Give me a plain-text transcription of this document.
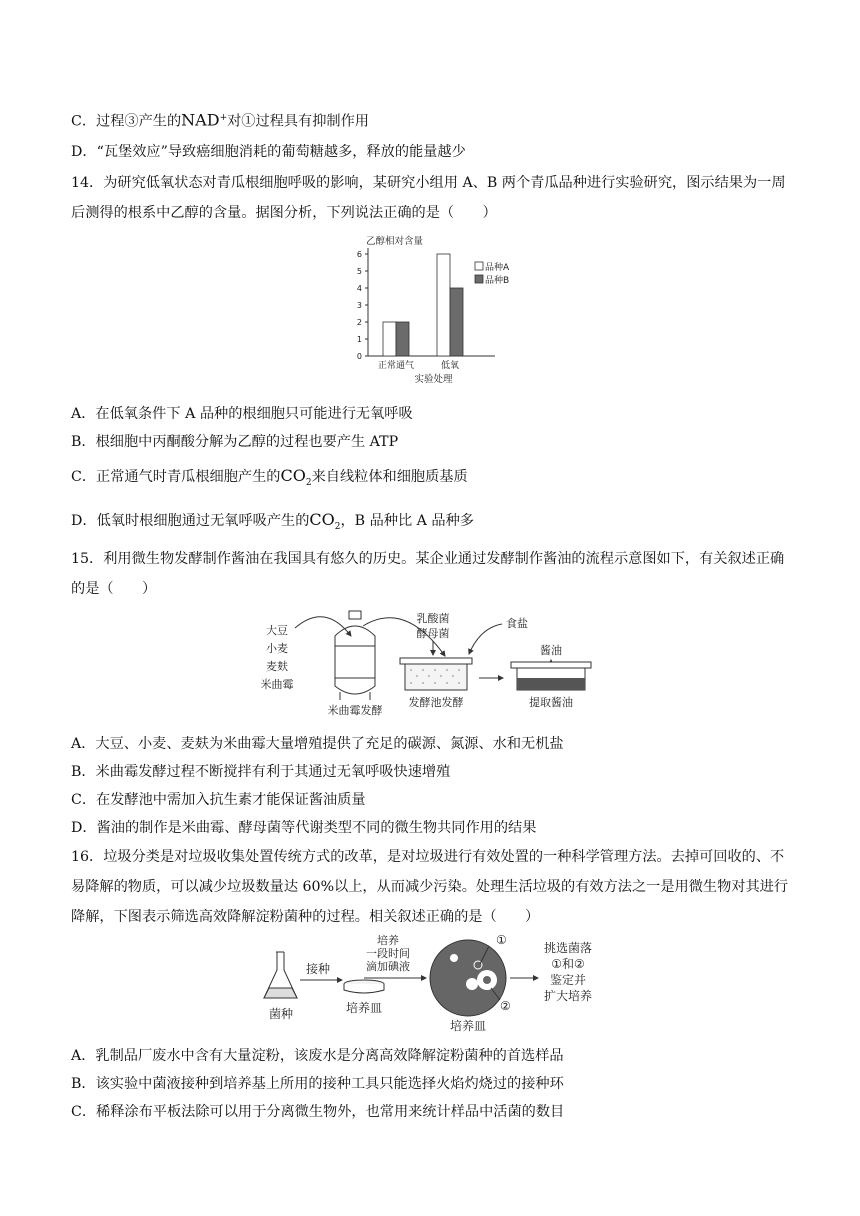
C．过程③产生的NAD+对①过程具有抑制作用
D．“瓦堡效应”导致癌细胞消耗的葡萄糖越多，释放的能量越少
14．为研究低氧状态对青瓜根细胞呼吸的影响，某研究小组用 A、B 两个青瓜品种进行实验研究，图示结果为一周后测得的根系中乙醇的含量。据图分析，下列说法正确的是（　　）
0
1
2
3
4
5
6
乙醇相对含量
正常通气	低氧
实验处理
品种A
品种B
A．在低氧条件下 A 品种的根细胞只可能进行无氧呼吸
B．根细胞中丙酮酸分解为乙醇的过程也要产生 ATP
C．正常通气时青瓜根细胞产生的$CO_2$来自线粒体和细胞质基质
D．低氧时根细胞通过无氧呼吸产生的$CO_2$，B 品种比 A 品种多
15．利用微生物发酵制作酱油在我国具有悠久的历史。某企业通过发酵制作酱油的流程示意图如下，有关叙述正确的是（　　）
大豆
小麦
麦麸
米曲霉
米曲霉发酵
乳酸菌
酵母菌
食盐
发酵池发酵
酱油
提取酱油
A．大豆、小麦、麦麸为米曲霉大量增殖提供了充足的碳源、氮源、水和无机盐
B．米曲霉发酵过程不断搅拌有利于其通过无氧呼吸快速增殖
C．在发酵池中需加入抗生素才能保证酱油质量
D．酱油的制作是米曲霉、酵母菌等代谢类型不同的微生物共同作用的结果
16．垃圾分类是对垃圾收集处置传统方式的改革，是对垃圾进行有效处置的一种科学管理方法。去掉可回收的、不易降解的物质，可以减少垃圾数量达 60%以上，从而减少污染。处理生活垃圾的有效方法之一是用微生物对其进行降解，下图表示筛选高效降解淀粉菌种的过程。相关叙述正确的是（　　）
菌种
接种
培养皿
培养
一段时间
滴加碘液
①
②
培养皿
挑选菌落
①和②
鉴定并
扩大培养
A．乳制品厂废水中含有大量淀粉，该废水是分离高效降解淀粉菌种的首选样品
B．该实验中菌液接种到培养基上所用的接种工具只能选择火焰灼烧过的接种环
C．稀释涂布平板法除可以用于分离微生物外，也常用来统计样品中活菌的数目
